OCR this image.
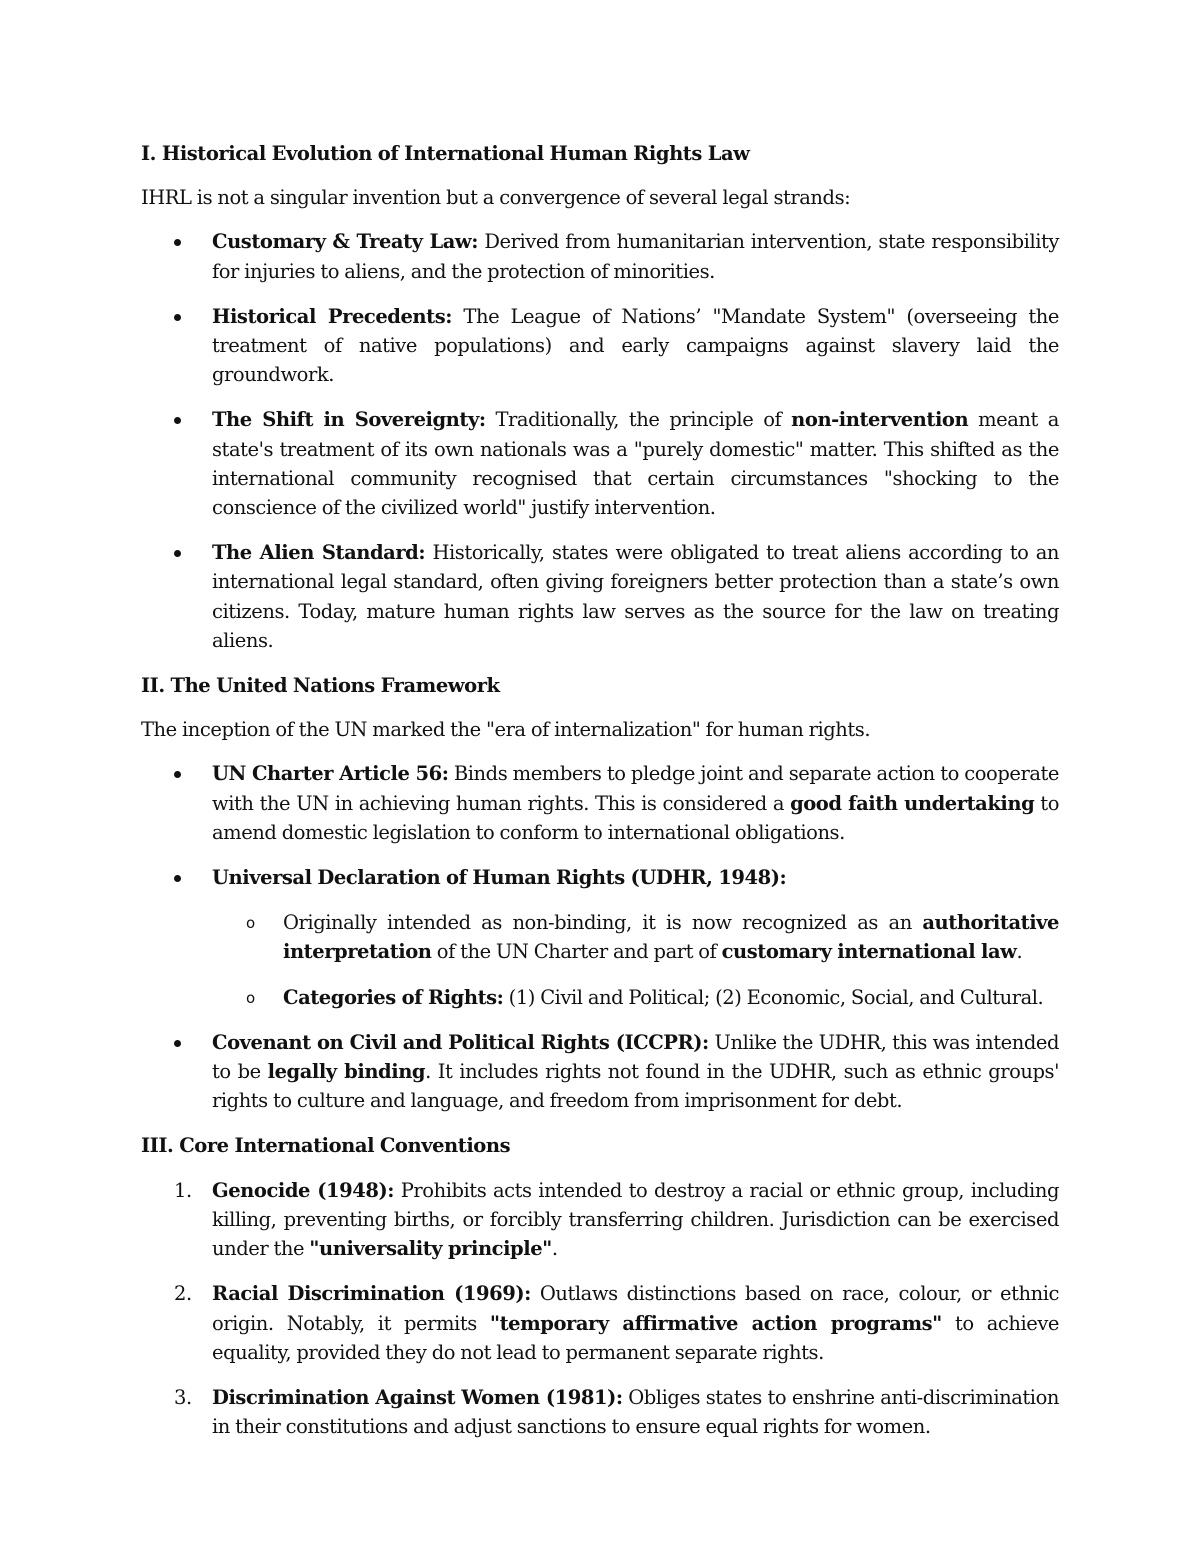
I. Historical Evolution of International Human Rights Law
IHRL is not a singular invention but a convergence of several legal strands:
Customary & Treaty Law: Derived from humanitarian intervention, state responsibility for injuries to aliens, and the protection of minorities.
Historical Precedents: The League of Nations’ "Mandate System" (overseeing the treatment of native populations) and early campaigns against slavery laid the groundwork.
The Shift in Sovereignty: Traditionally, the principle of non-intervention meant a state's treatment of its own nationals was a "purely domestic" matter. This shifted as the international community recognised that certain circumstances "shocking to the conscience of the civilized world" justify intervention.
The Alien Standard: Historically, states were obligated to treat aliens according to an international legal standard, often giving foreigners better protection than a state’s own citizens. Today, mature human rights law serves as the source for the law on treating aliens.
II. The United Nations Framework
The inception of the UN marked the "era of internalization" for human rights.
UN Charter Article 56: Binds members to pledge joint and separate action to cooperate with the UN in achieving human rights. This is considered a good faith undertaking to amend domestic legislation to conform to international obligations.
Universal Declaration of Human Rights (UDHR, 1948):
o Originally intended as non-binding, it is now recognized as an authoritative interpretation of the UN Charter and part of customary international law.
o Categories of Rights: (1) Civil and Political; (2) Economic, Social, and Cultural.
Covenant on Civil and Political Rights (ICCPR): Unlike the UDHR, this was intended to be legally binding. It includes rights not found in the UDHR, such as ethnic groups' rights to culture and language, and freedom from imprisonment for debt.
III. Core International Conventions
1. Genocide (1948): Prohibits acts intended to destroy a racial or ethnic group, including killing, preventing births, or forcibly transferring children. Jurisdiction can be exercised under the "universality principle".
2. Racial Discrimination (1969): Outlaws distinctions based on race, colour, or ethnic origin. Notably, it permits "temporary affirmative action programs" to achieve equality, provided they do not lead to permanent separate rights.
3. Discrimination Against Women (1981): Obliges states to enshrine anti-discrimination in their constitutions and adjust sanctions to ensure equal rights for women.
